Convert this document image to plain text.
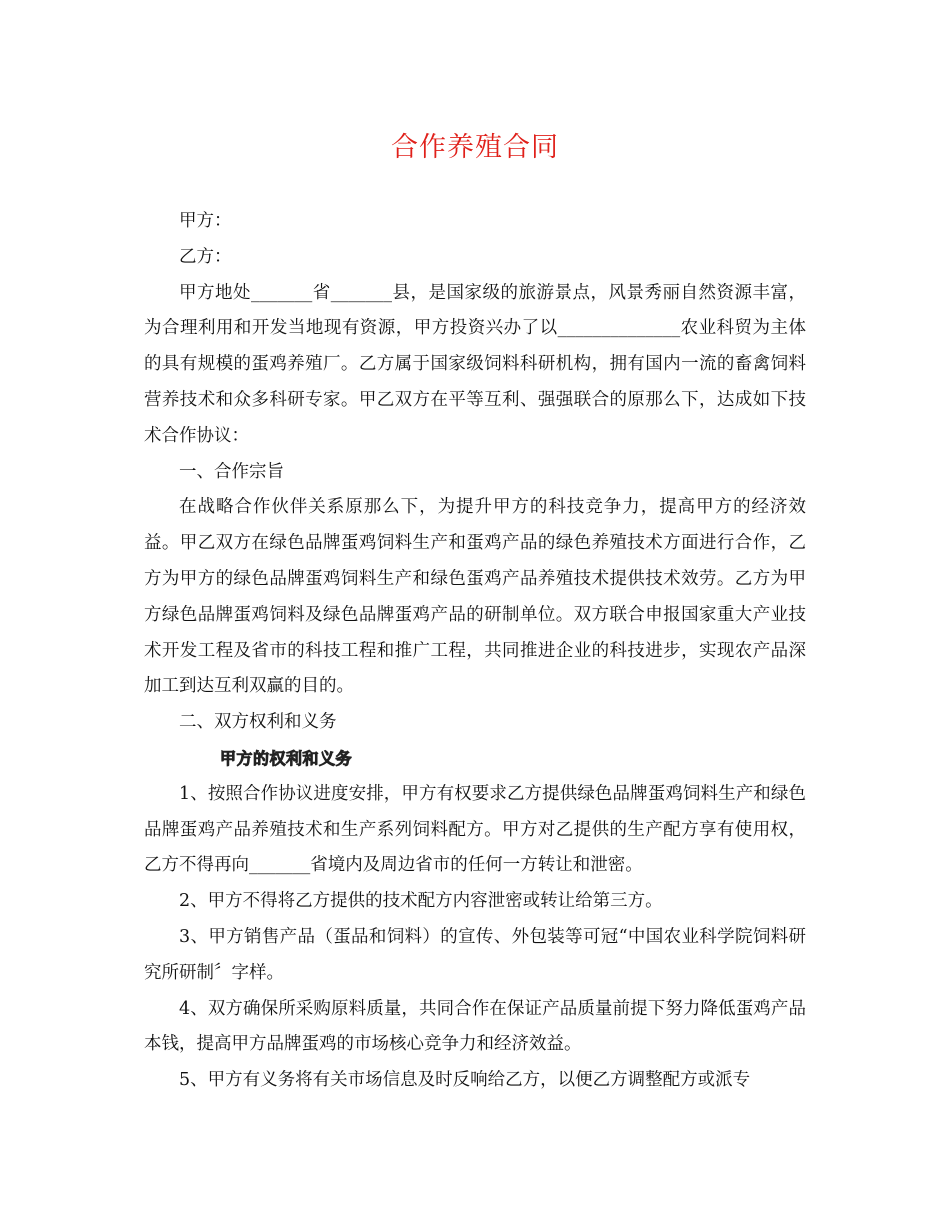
合作养殖合同

甲方：

乙方：

甲方地处_______省_______县，是国家级的旅游景点，风景秀丽自然资源丰富，为合理利用和开发当地现有资源，甲方投资兴办了以______________农业科贸为主体的具有规模的蛋鸡养殖厂。乙方属于国家级饲料科研机构，拥有国内一流的畜禽饲料营养技术和众多科研专家。甲乙双方在平等互利、强强联合的原那么下，达成如下技术合作协议：

一、合作宗旨

在战略合作伙伴关系原那么下，为提升甲方的科技竞争力，提高甲方的经济效益。甲乙双方在绿色品牌蛋鸡饲料生产和蛋鸡产品的绿色养殖技术方面进行合作，乙方为甲方的绿色品牌蛋鸡饲料生产和绿色蛋鸡产品养殖技术提供技术效劳。乙方为甲方绿色品牌蛋鸡饲料及绿色品牌蛋鸡产品的研制单位。双方联合申报国家重大产业技术开发工程及省市的科技工程和推广工程，共同推进企业的科技进步，实现农产品深加工到达互利双赢的目的。

二、双方权利和义务

甲方的权利和义务

1、按照合作协议进度安排，甲方有权要求乙方提供绿色品牌蛋鸡饲料生产和绿色品牌蛋鸡产品养殖技术和生产系列饲料配方。甲方对乙提供的生产配方享有使用权，乙方不得再向_______省境内及周边省市的任何一方转让和泄密。

2、甲方不得将乙方提供的技术配方内容泄密或转让给第三方。

3、甲方销售产品（蛋品和饲料）的宣传、外包装等可冠“中国农业科学院饲料研究所研制〞字样。

4、双方确保所采购原料质量，共同合作在保证产品质量前提下努力降低蛋鸡产品本钱，提高甲方品牌蛋鸡的市场核心竞争力和经济效益。

5、甲方有义务将有关市场信息及时反响给乙方，以便乙方调整配方或派专
